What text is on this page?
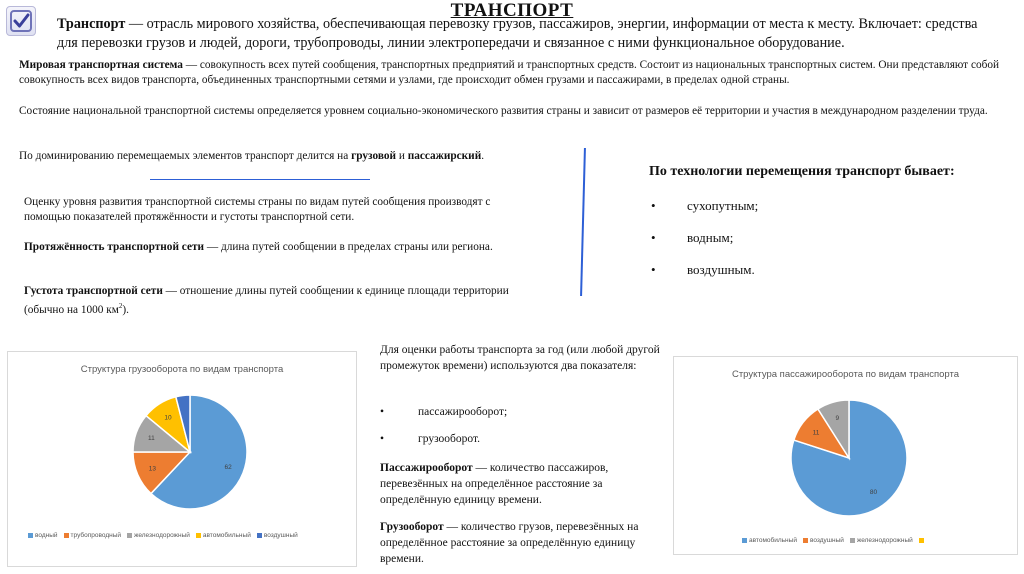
ТРАНСПОРТ
Транспорт — отрасль мирового хозяйства, обеспечивающая перевозку грузов, пассажиров, энергии, информации от места к месту. Включает: средства для перевозки грузов и людей, дороги, трубопроводы, линии электропередачи и связанное с ними функциональное оборудование.
Мировая транспортная система — совокупность всех путей сообщения, транспортных предприятий и транспортных средств. Состоит из национальных транспортных систем. Они представляют собой совокупность всех видов транспорта, объединенных транспортными сетями и узлами, где происходит обмен грузами и пассажирами, в пределах одной страны.
Состояние национальной транспортной системы определяется уровнем социально-экономического развития страны и зависит от размеров её территории и участия в международном разделении труда.
По доминированию перемещаемых элементов транспорт делится на грузовой и пассажирский.
Оценку уровня развития транспортной системы страны по видам путей сообщения производят с помощью показателей протяжённости и густоты транспортной сети.
Протяжённость транспортной сети — длина путей сообщении в пределах страны или региона.
Густота транспортной сети — отношение длины путей сообщении к единице площади территории (обычно на 1000 $км^2$).
По технологии перемещения транспорт бывает:
• сухопутным;
• водным;
• воздушным.
Структура грузооборота по видам транспорта
62
13
11
10
водный трубопроводный железнодорожный автомобильный воздушный
Для оценки работы транспорта за год (или любой другой промежуток времени) используются два показателя:
•	пассажирооборот;
•	грузооборот.
Пассажирооборот — количество пассажиров, перевезённых на определённое расстояние за определённую единицу времени.
Грузооборот — количество грузов, перевезённых на определённое расстояние за определённую единицу времени.
Структура пассажирооборота по видам транспорта
80
11
9
автомобильный воздушный железнодорожный
